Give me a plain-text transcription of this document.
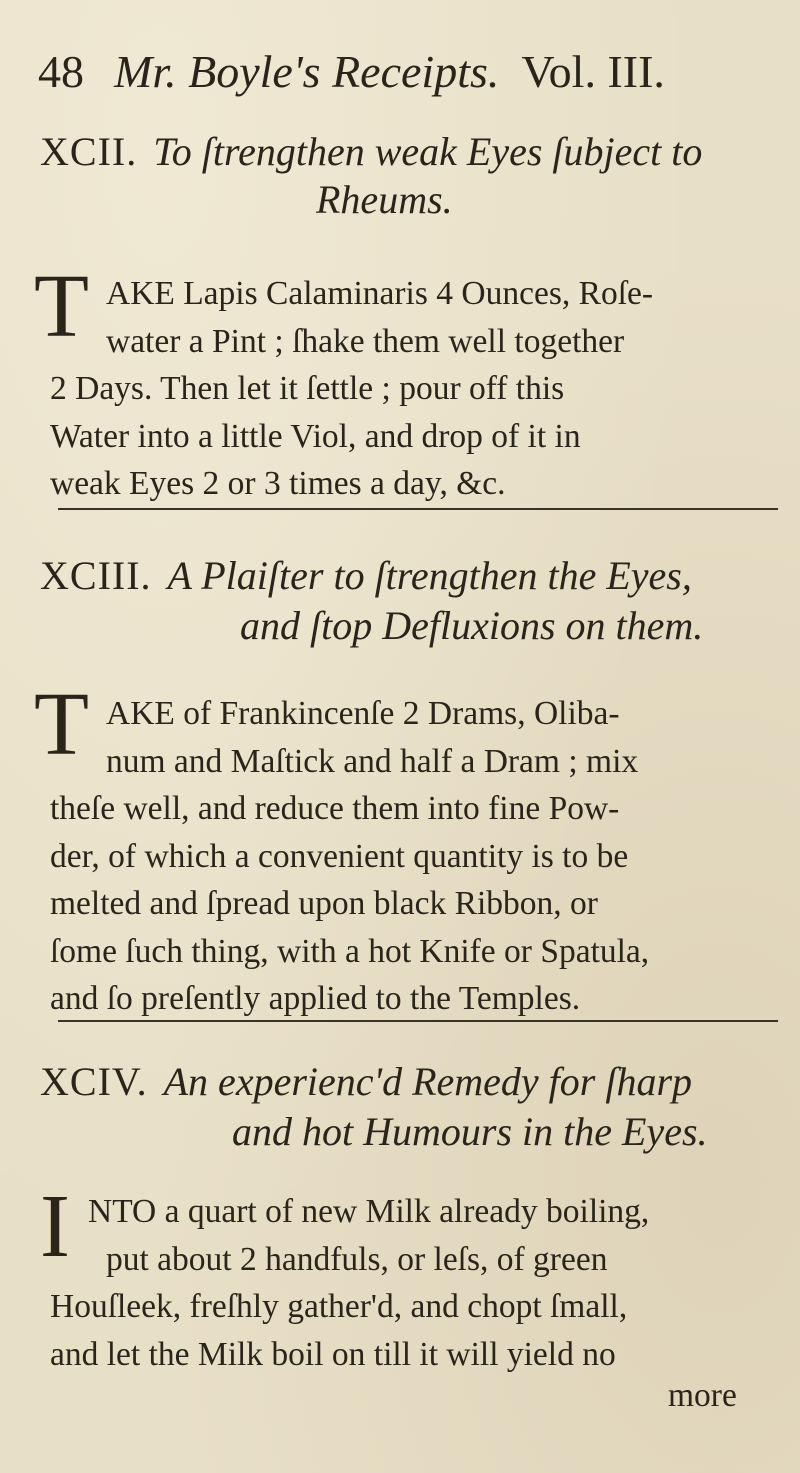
48 Mr. Boyle's Receipts. Vol. III.
XCII. To ſtrengthen weak Eyes ſubject to
Rheums.
T AKE Lapis Calaminaris 4 Ounces, Roſe-
water a Pint ; ſhake them well together
2 Days. Then let it ſettle ; pour off this
Water into a little Viol, and drop of it in
weak Eyes 2 or 3 times a day, &c.
XCIII. A Plaiſter to ſtrengthen the Eyes,
and ſtop Defluxions on them.
T AKE of Frankincenſe 2 Drams, Oliba-
num and Maſtick and half a Dram ; mix
theſe well, and reduce them into fine Pow-
der, of which a convenient quantity is to be
melted and ſpread upon black Ribbon, or
ſome ſuch thing, with a hot Knife or Spatula,
and ſo preſently applied to the Temples.
XCIV. An experienc'd Remedy for ſharp
and hot Humours in the Eyes.
I NTO a quart of new Milk already boiling,
put about 2 handfuls, or leſs, of green
Houſleek, freſhly gather'd, and chopt ſmall,
and let the Milk boil on till it will yield no
more
